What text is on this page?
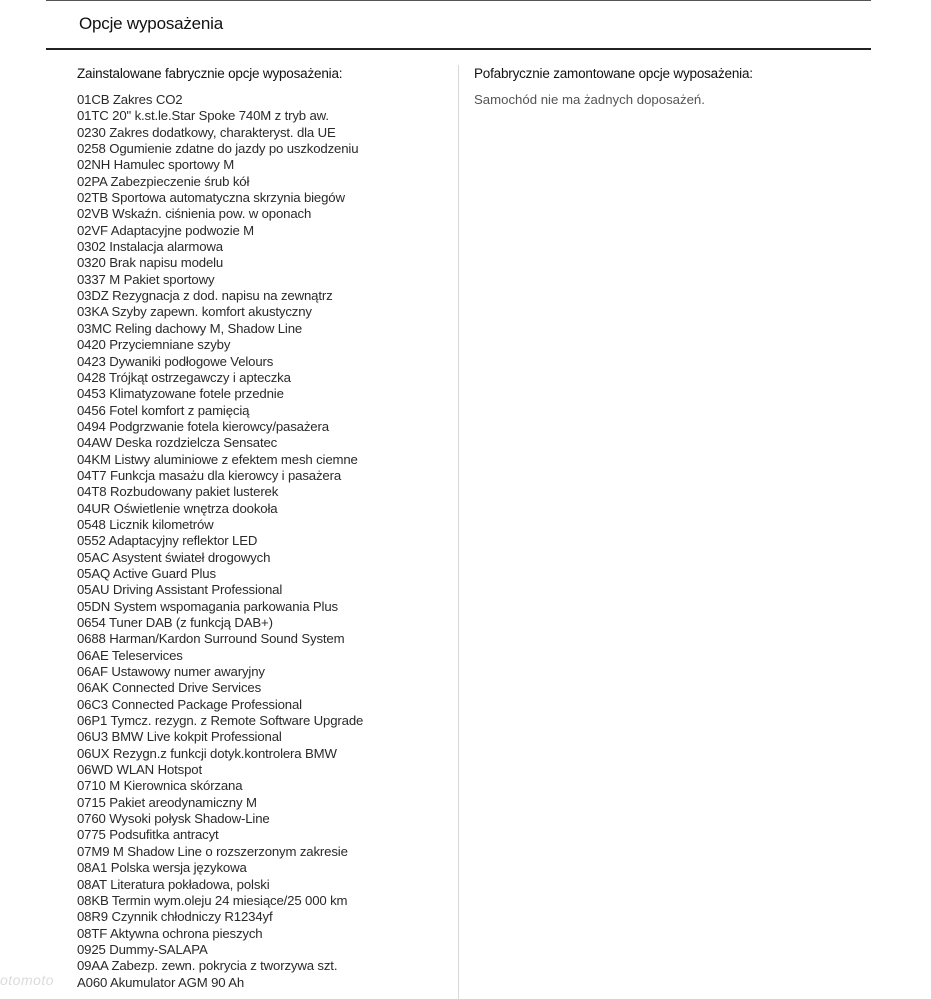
Opcje wyposażenia
Zainstalowane fabrycznie opcje wyposażenia:
01CB Zakres CO2
01TC 20" k.st.le.Star Spoke 740M z tryb aw.
0230 Zakres dodatkowy, charakteryst. dla UE
0258 Ogumienie zdatne do jazdy po uszkodzeniu
02NH Hamulec sportowy M
02PA Zabezpieczenie śrub kół
02TB Sportowa automatyczna skrzynia biegów
02VB Wskaźn. ciśnienia pow. w oponach
02VF Adaptacyjne podwozie M
0302 Instalacja alarmowa
0320 Brak napisu modelu
0337 M Pakiet sportowy
03DZ Rezygnacja z dod. napisu na zewnątrz
03KA Szyby zapewn. komfort akustyczny
03MC Reling dachowy M, Shadow Line
0420 Przyciemniane szyby
0423 Dywaniki podłogowe Velours
0428 Trójkąt ostrzegawczy i apteczka
0453 Klimatyzowane fotele przednie
0456 Fotel komfort z pamięcią
0494 Podgrzwanie fotela kierowcy/pasażera
04AW Deska rozdzielcza Sensatec
04KM Listwy aluminiowe z efektem mesh ciemne
04T7 Funkcja masażu dla kierowcy i pasażera
04T8 Rozbudowany pakiet lusterek
04UR Oświetlenie wnętrza dookoła
0548 Licznik kilometrów
0552 Adaptacyjny reflektor LED
05AC Asystent świateł drogowych
05AQ Active Guard Plus
05AU Driving Assistant Professional
05DN System wspomagania parkowania Plus
0654 Tuner DAB (z funkcją DAB+)
0688 Harman/Kardon Surround Sound System
06AE Teleservices
06AF Ustawowy numer awaryjny
06AK Connected Drive Services
06C3 Connected Package Professional
06P1 Tymcz. rezygn. z Remote Software Upgrade
06U3 BMW Live kokpit Professional
06UX Rezygn.z funkcji dotyk.kontrolera BMW
06WD WLAN Hotspot
0710 M Kierownica skórzana
0715 Pakiet areodynamiczny M
0760 Wysoki połysk Shadow-Line
0775 Podsufitka antracyt
07M9 M Shadow Line o rozszerzonym zakresie
08A1 Polska wersja językowa
08AT Literatura pokładowa, polski
08KB Termin wym.oleju 24 miesiące/25 000 km
08R9 Czynnik chłodniczy R1234yf
08TF Aktywna ochrona pieszych
0925 Dummy-SALAPA
09AA Zabezp. zewn. pokrycia z tworzywa szt.
A060 Akumulator AGM 90 Ah
Pofabrycznie zamontowane opcje wyposażenia:
Samochód nie ma żadnych doposażeń.
otomoto
